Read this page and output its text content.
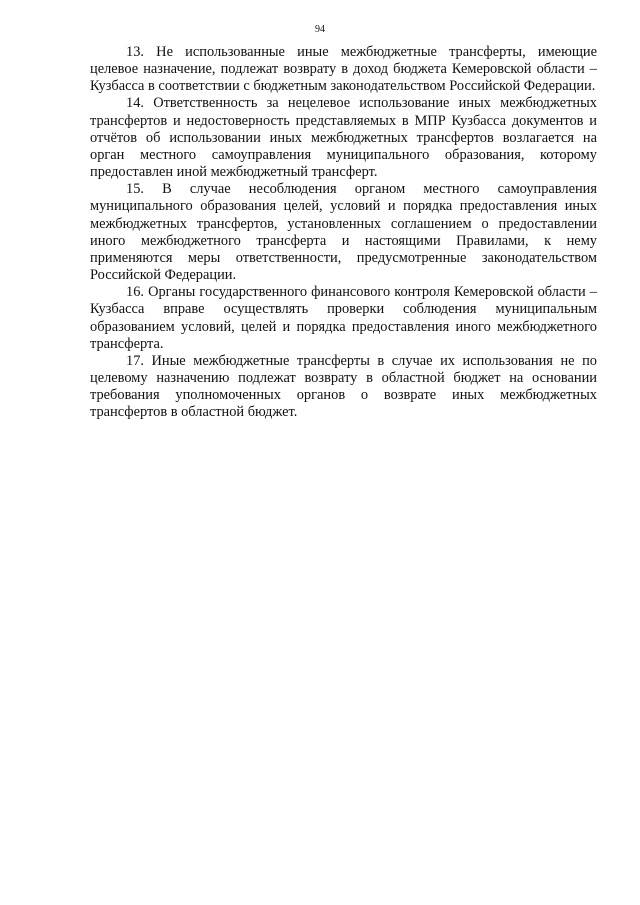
94

13. Не использованные иные межбюджетные трансферты, имеющие целевое назначение, подлежат возврату в доход бюджета Кемеровской области – Кузбасса в соответствии с бюджетным законодательством Российской Федерации.

14. Ответственность за нецелевое использование иных межбюджетных трансфертов и недостоверность представляемых в МПР Кузбасса документов и отчётов об использовании иных межбюджетных трансфертов возлагается на орган местного самоуправления муниципального образования, которому предоставлен иной межбюджетный трансферт.

15. В случае несоблюдения органом местного самоуправления муниципального образования целей, условий и порядка предоставления иных межбюджетных трансфертов, установленных соглашением о предоставлении иного межбюджетного трансферта и настоящими Правилами, к нему применяются меры ответственности, предусмотренные законодательством Российской Федерации.

16. Органы государственного финансового контроля Кемеровской области – Кузбасса вправе осуществлять проверки соблюдения муниципальным образованием условий, целей и порядка предоставления иного межбюджетного трансферта.

17. Иные межбюджетные трансферты в случае их использования не по целевому назначению подлежат возврату в областной бюджет на основании требования уполномоченных органов о возврате иных межбюджетных трансфертов в областной бюджет.
